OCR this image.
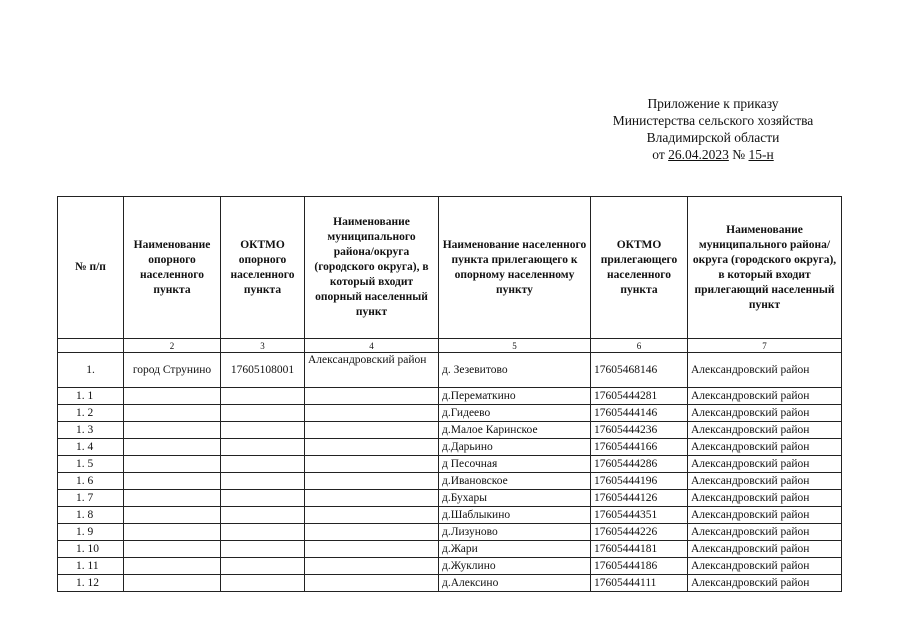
Приложение к приказу
Министерства сельского хозяйства
Владимирской области
от 26.04.2023 № 15-н
№ п/п	Наименование опорного населенного пункта	ОКТМО опорного населенного пункта	Наименование муниципального района/округа (городского округа), в который входит опорный населенный пункт	Наименование населенного пункта прилегающего к опорному населенному пункту	ОКТМО прилегающего населенного пункта	Наименование муниципального района/округа (городского округа), в который входит прилегающий населенный пункт
	2	3	4	5	6	7
1.	город Струнино	17605108001	Александровский район	д. Зезевитово	17605468146	Александровский район
1. 1				д.Перематкино	17605444281	Александровский район
1. 2				д.Гидеево	17605444146	Александровский район
1. 3				д.Малое Каринское	17605444236	Александровский район
1. 4				д.Дарьино	17605444166	Александровский район
1. 5				д Песочная	17605444286	Александровский район
1. 6				д.Ивановское	17605444196	Александровский район
1. 7				д.Бухары	17605444126	Александровский район
1. 8				д.Шаблыкино	17605444351	Александровский район
1. 9				д.Лизуново	17605444226	Александровский район
1. 10				д.Жари	17605444181	Александровский район
1. 11				д.Жуклино	17605444186	Александровский район
1. 12				д.Алексино	17605444111	Александровский район
